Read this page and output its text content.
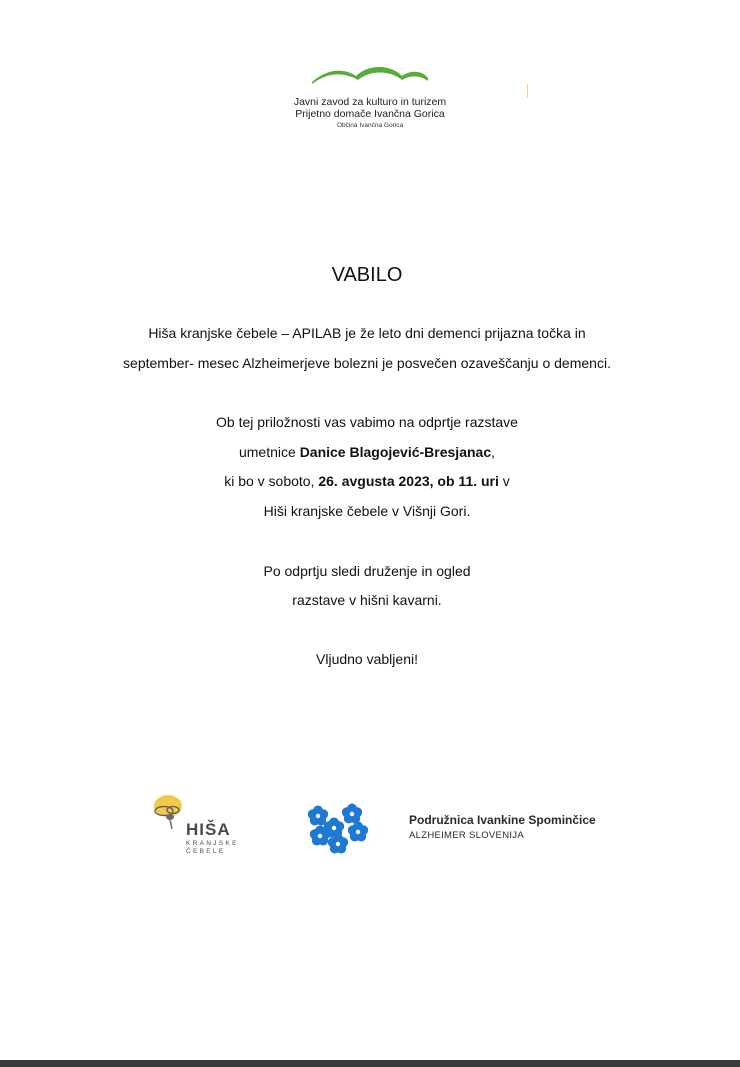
Javni zavod za kulturo in turizem
Prijetno domače Ivančna Gorica
Občina Ivančna Gorica
VABILO
Hiša kranjske čebele – APILAB je že leto dni demenci prijazna točka in
september- mesec Alzheimerjeve bolezni je posvečen ozaveščanju o demenci.
Ob tej priložnosti vas vabimo na odprtje razstave
umetnice Danice Blagojević-Bresjanac,
ki bo v soboto, 26. avgusta 2023, ob 11. uri v
Hiši kranjske čebele v Višnji Gori.
Po odprtju sledi druženje in ogled
razstave v hišni kavarni.
Vljudno vabljeni!
HIŠA
KRANJSKE
ČEBELE
Podružnica Ivankine Spominčice
ALZHEIMER SLOVENIJA
